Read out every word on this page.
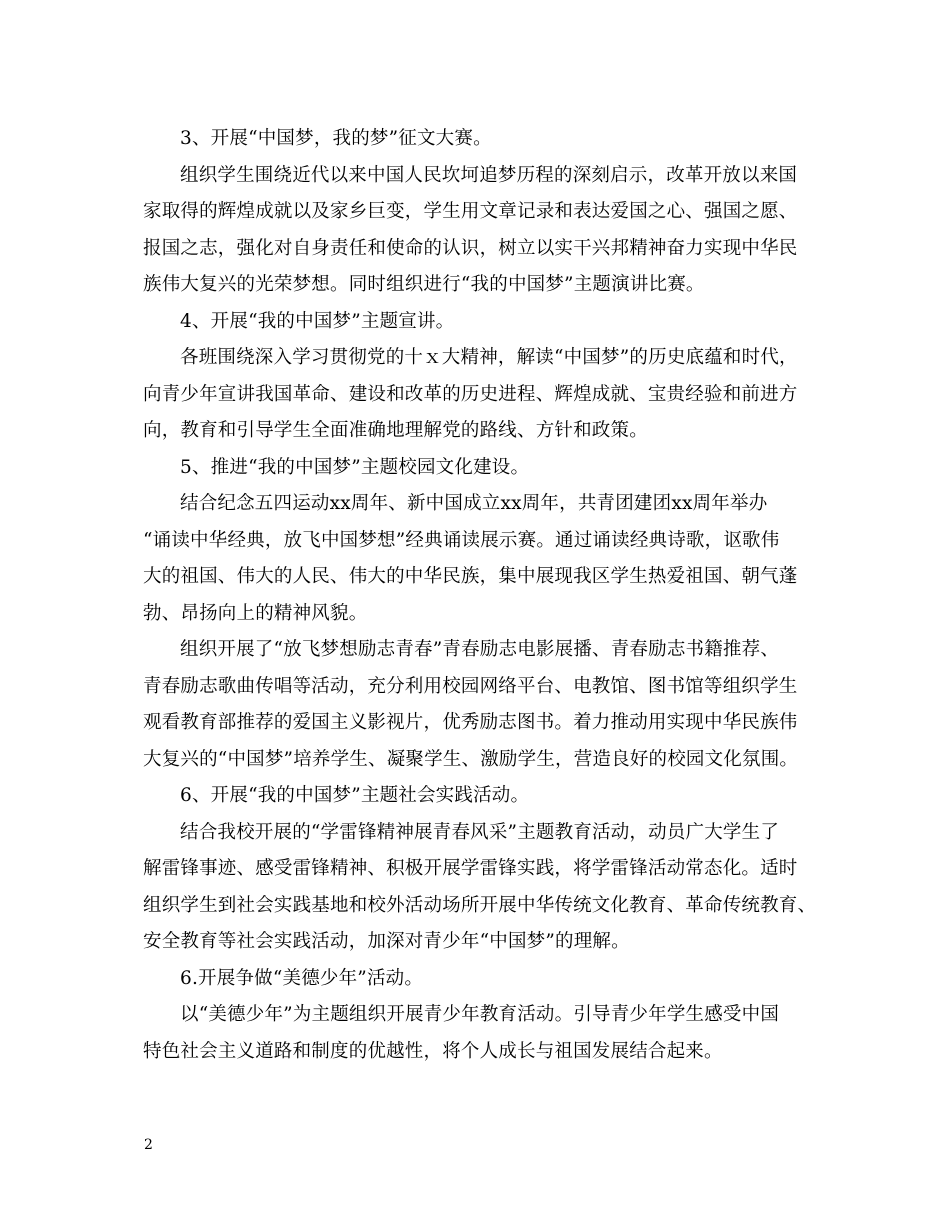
3、开展“中国梦，我的梦”征文大赛。
组织学生围绕近代以来中国人民坎坷追梦历程的深刻启示，改革开放以来国
家取得的辉煌成就以及家乡巨变，学生用文章记录和表达爱国之心、强国之愿、
报国之志，强化对自身责任和使命的认识，树立以实干兴邦精神奋力实现中华民
族伟大复兴的光荣梦想。同时组织进行“我的中国梦”主题演讲比赛。
4、开展“我的中国梦”主题宣讲。
各班围绕深入学习贯彻党的十ｘ大精神，解读“中国梦”的历史底蕴和时代，
向青少年宣讲我国革命、建设和改革的历史进程、辉煌成就、宝贵经验和前进方
向，教育和引导学生全面准确地理解党的路线、方针和政策。
5、推进“我的中国梦”主题校园文化建设。
结合纪念五四运动xx周年、新中国成立xx周年，共青团建团xx周年举办
“诵读中华经典，放飞中国梦想”经典诵读展示赛。通过诵读经典诗歌，讴歌伟
大的祖国、伟大的人民、伟大的中华民族，集中展现我区学生热爱祖国、朝气蓬
勃、昂扬向上的精神风貌。
组织开展了“放飞梦想励志青春”青春励志电影展播、青春励志书籍推荐、
青春励志歌曲传唱等活动，充分利用校园网络平台、电教馆、图书馆等组织学生
观看教育部推荐的爱国主义影视片，优秀励志图书。着力推动用实现中华民族伟
大复兴的“中国梦”培养学生、凝聚学生、激励学生，营造良好的校园文化氛围。
6、开展“我的中国梦”主题社会实践活动。
结合我校开展的“学雷锋精神展青春风采”主题教育活动，动员广大学生了
解雷锋事迹、感受雷锋精神、积极开展学雷锋实践，将学雷锋活动常态化。适时
组织学生到社会实践基地和校外活动场所开展中华传统文化教育、革命传统教育、
安全教育等社会实践活动，加深对青少年“中国梦”的理解。
6.开展争做“美德少年”活动。
以“美德少年”为主题组织开展青少年教育活动。引导青少年学生感受中国
特色社会主义道路和制度的优越性，将个人成长与祖国发展结合起来。
2
